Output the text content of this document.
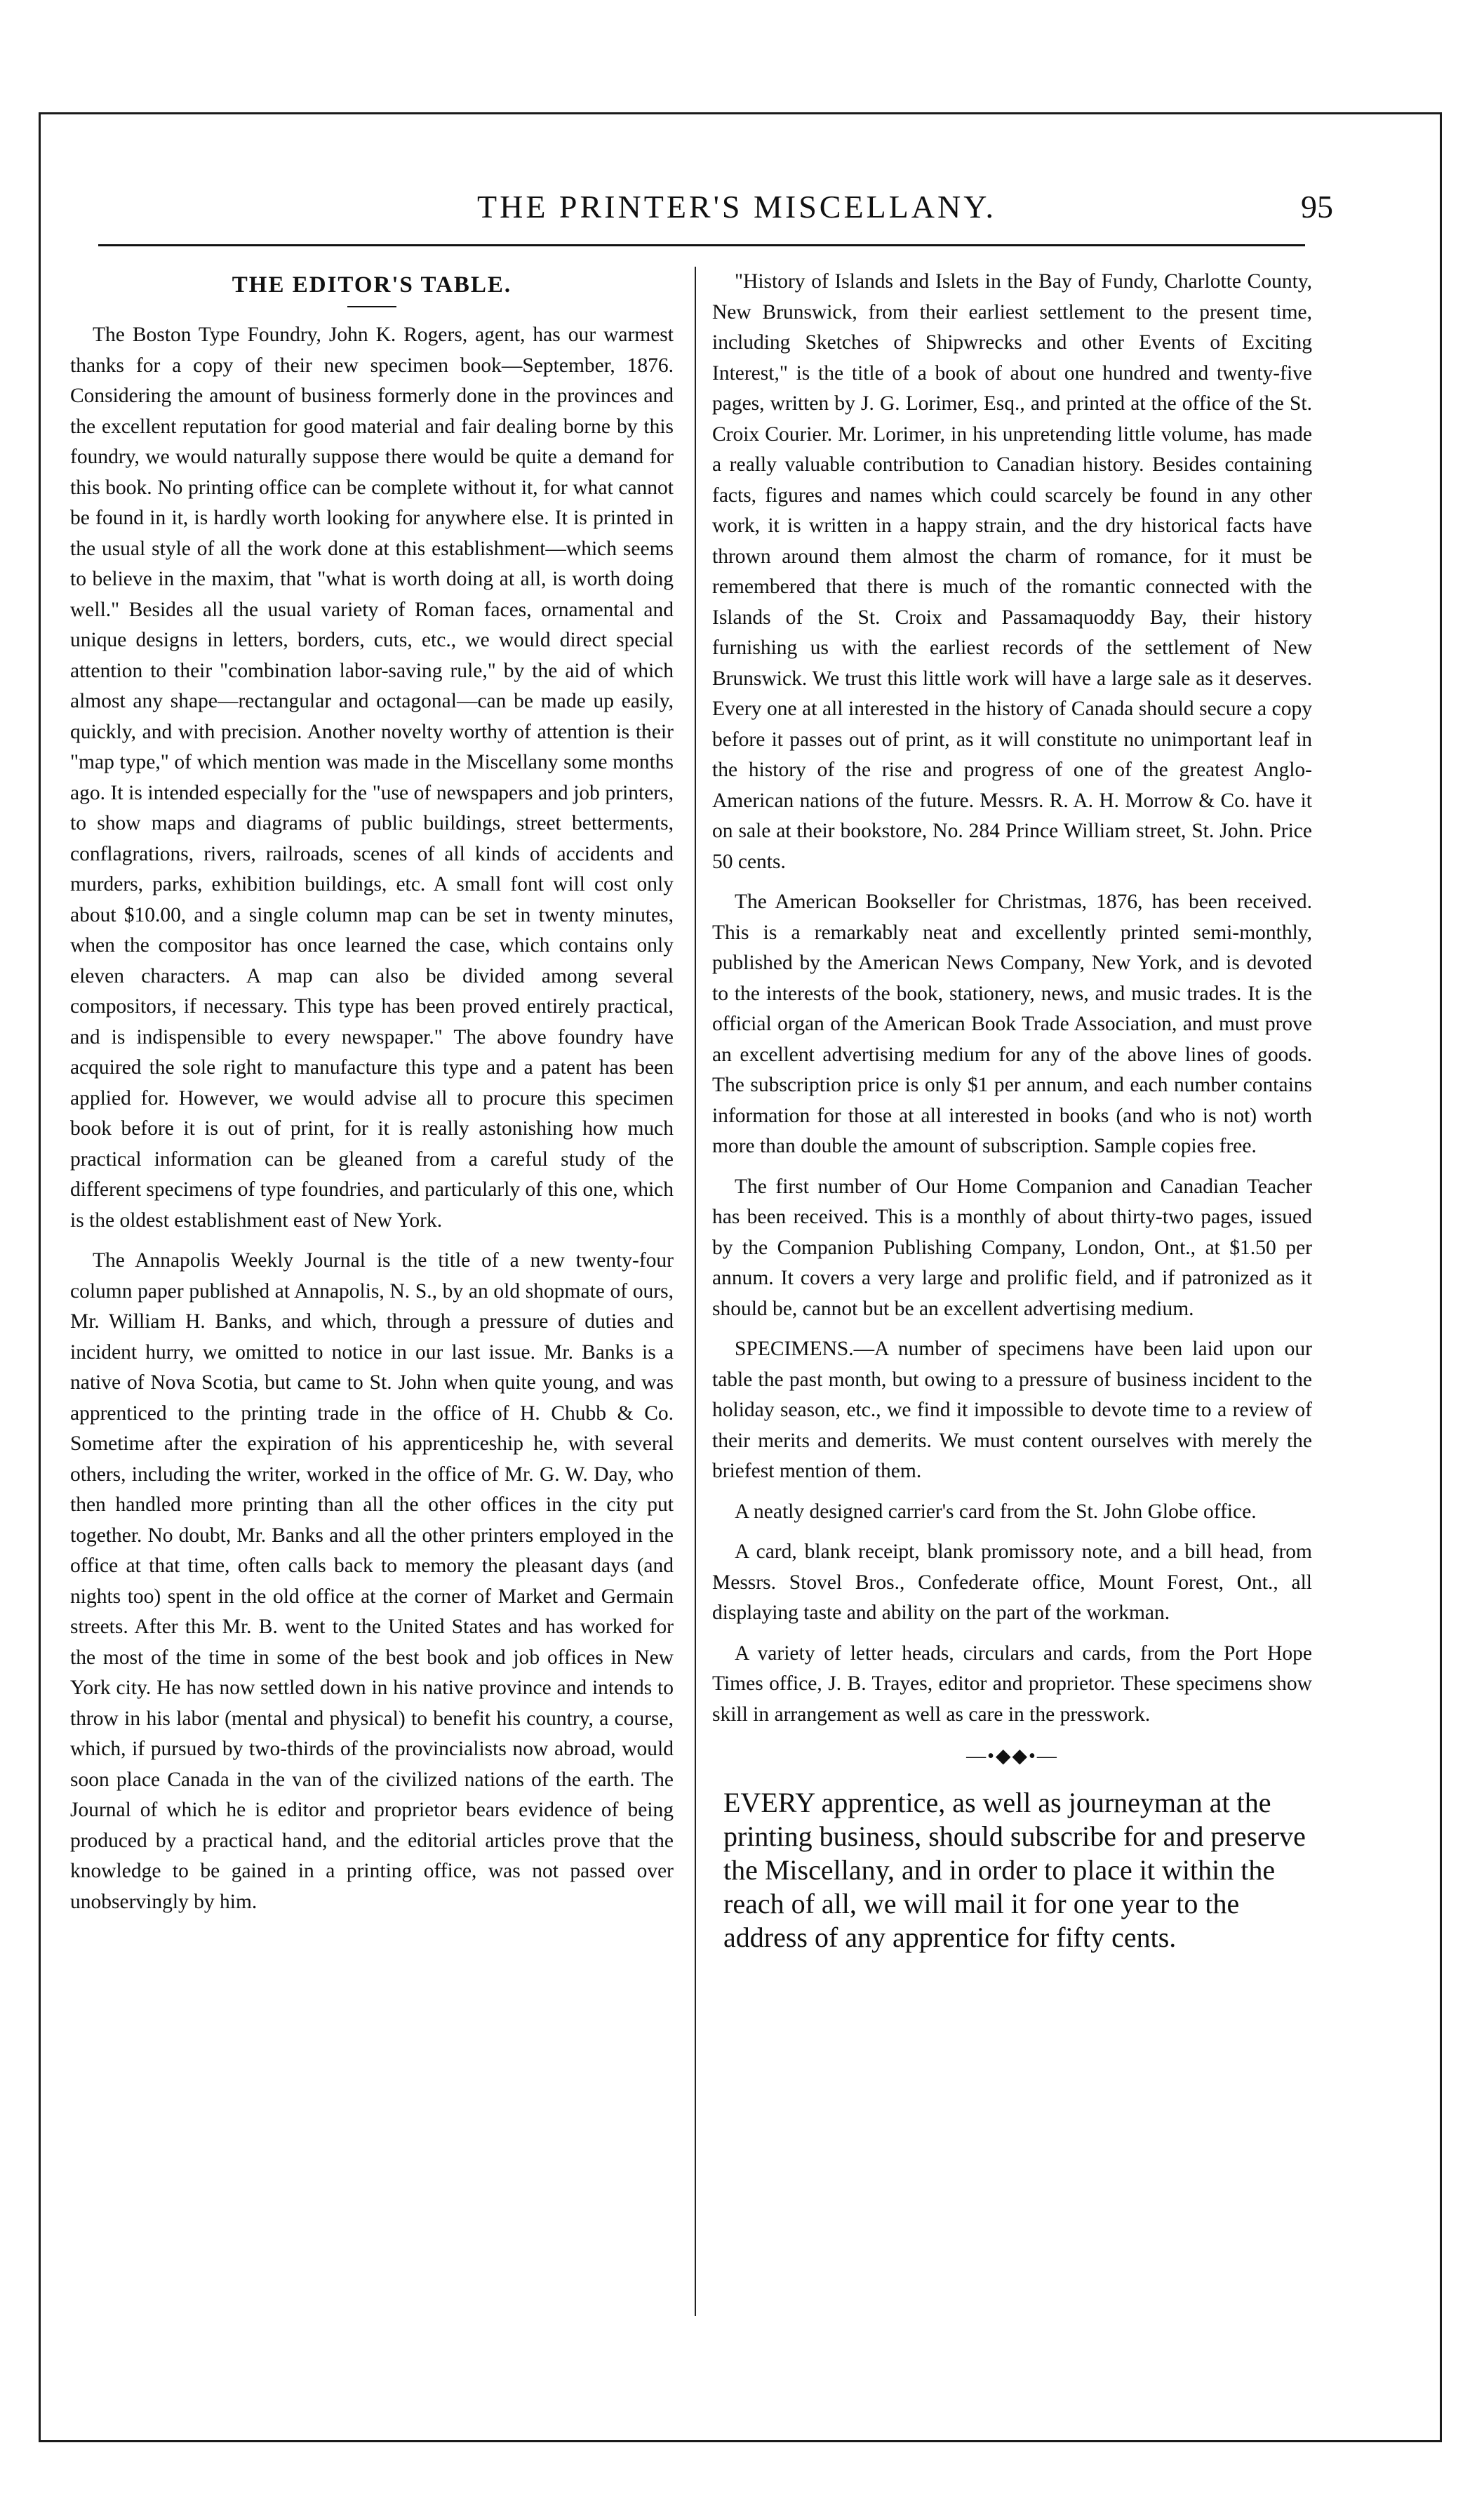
THE PRINTER'S MISCELLANY.	95
THE EDITOR'S TABLE.

The Boston Type Foundry, John K. Rogers, agent, has our warmest thanks for a copy of their new specimen book—September, 1876. Considering the amount of business formerly done in the provinces and the excellent reputation for good material and fair dealing borne by this foundry, we would naturally suppose there would be quite a demand for this book. No printing office can be complete without it, for what cannot be found in it, is hardly worth looking for anywhere else. It is printed in the usual style of all the work done at this establishment—which seems to believe in the maxim, that "what is worth doing at all, is worth doing well." Besides all the usual variety of Roman faces, ornamental and unique designs in letters, borders, cuts, etc., we would direct special attention to their "combination labor-saving rule," by the aid of which almost any shape—rectangular and octagonal—can be made up easily, quickly, and with precision. Another novelty worthy of attention is their "map type," of which mention was made in the Miscellany some months ago. It is intended especially for the "use of newspapers and job printers, to show maps and diagrams of public buildings, street betterments, conflagrations, rivers, railroads, scenes of all kinds of accidents and murders, parks, exhibition buildings, etc. A small font will cost only about $10.00, and a single column map can be set in twenty minutes, when the compositor has once learned the case, which contains only eleven characters. A map can also be divided among several compositors, if necessary. This type has been proved entirely practical, and is indispensible to every newspaper." The above foundry have acquired the sole right to manufacture this type and a patent has been applied for. However, we would advise all to procure this specimen book before it is out of print, for it is really astonishing how much practical information can be gleaned from a careful study of the different specimens of type foundries, and particularly of this one, which is the oldest establishment east of New York.

The Annapolis Weekly Journal is the title of a new twenty-four column paper published at Annapolis, N. S., by an old shopmate of ours, Mr. William H. Banks, and which, through a pressure of duties and incident hurry, we omitted to notice in our last issue. Mr. Banks is a native of Nova Scotia, but came to St. John when quite young, and was apprenticed to the printing trade in the office of H. Chubb & Co. Sometime after the expiration of his apprenticeship he, with several others, including the writer, worked in the office of Mr. G. W. Day, who then handled more printing than all the other offices in the city put together. No doubt, Mr. Banks and all the other printers employed in the office at that time, often calls back to memory the pleasant days (and nights too) spent in the old office at the corner of Market and Germain streets. After this Mr. B. went to the United States and has worked for the most of the time in some of the best book and job offices in New York city. He has now settled down in his native province and intends to throw in his labor (mental and physical) to benefit his country, a course, which, if pursued by two-thirds of the provincialists now abroad, would soon place Canada in the van of the civilized nations of the earth. The Journal of which he is editor and proprietor bears evidence of being produced by a practical hand, and the editorial articles prove that the knowledge to be gained in a printing office, was not passed over unobservingly by him.

"History of Islands and Islets in the Bay of Fundy, Charlotte County, New Brunswick, from their earliest settlement to the present time, including Sketches of Shipwrecks and other Events of Exciting Interest," is the title of a book of about one hundred and twenty-five pages, written by J. G. Lorimer, Esq., and printed at the office of the St. Croix Courier. Mr. Lorimer, in his unpretending little volume, has made a really valuable contribution to Canadian history. Besides containing facts, figures and names which could scarcely be found in any other work, it is written in a happy strain, and the dry historical facts have thrown around them almost the charm of romance, for it must be remembered that there is much of the romantic connected with the Islands of the St. Croix and Passamaquoddy Bay, their history furnishing us with the earliest records of the settlement of New Brunswick. We trust this little work will have a large sale as it deserves. Every one at all interested in the history of Canada should secure a copy before it passes out of print, as it will constitute no unimportant leaf in the history of the rise and progress of one of the greatest Anglo-American nations of the future. Messrs. R. A. H. Morrow & Co. have it on sale at their bookstore, No. 284 Prince William street, St. John. Price 50 cents.

The American Bookseller for Christmas, 1876, has been received. This is a remarkably neat and excellently printed semi-monthly, published by the American News Company, New York, and is devoted to the interests of the book, stationery, news, and music trades. It is the official organ of the American Book Trade Association, and must prove an excellent advertising medium for any of the above lines of goods. The subscription price is only $1 per annum, and each number contains information for those at all interested in books (and who is not) worth more than double the amount of subscription. Sample copies free.

The first number of Our Home Companion and Canadian Teacher has been received. This is a monthly of about thirty-two pages, issued by the Companion Publishing Company, London, Ont., at $1.50 per annum. It covers a very large and prolific field, and if patronized as it should be, cannot but be an excellent advertising medium.

SPECIMENS.—A number of specimens have been laid upon our table the past month, but owing to a pressure of business incident to the holiday season, etc., we find it impossible to devote time to a review of their merits and demerits. We must content ourselves with merely the briefest mention of them.

A neatly designed carrier's card from the St. John Globe office.

A card, blank receipt, blank promissory note, and a bill head, from Messrs. Stovel Bros., Confederate office, Mount Forest, Ont., all displaying taste and ability on the part of the workman.

A variety of letter heads, circulars and cards, from the Port Hope Times office, J. B. Trayes, editor and proprietor. These specimens show skill in arrangement as well as care in the presswork.

—•◆◆•—

EVERY apprentice, as well as journeyman at the printing business, should subscribe for and preserve the Miscellany, and in order to place it within the reach of all, we will mail it for one year to the address of any apprentice for fifty cents.
